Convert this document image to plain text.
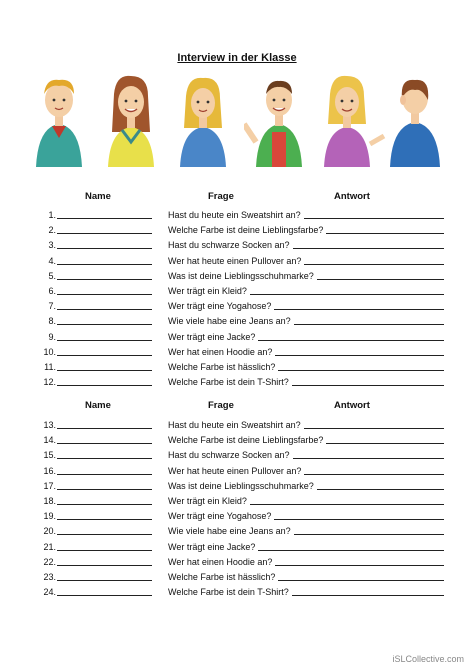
Interview in der Klasse
Name	Frage	Antwort
1.	Hast du heute ein Sweatshirt an?
2.	Welche Farbe ist deine Lieblingsfarbe?
3.	Hast du schwarze Socken an?
4.	Wer hat heute einen Pullover an?
5.	Was ist deine Lieblingsschuhmarke?
6.	Wer trägt ein Kleid?
7.	Wer trägt eine Yogahose?
8.	Wie viele habe eine Jeans an?
9.	Wer trägt eine Jacke?
10.	Wer hat einen Hoodie an?
11.	Welche Farbe ist hässlich?
12.	Welche Farbe ist dein T-Shirt?
Name	Frage	Antwort
13.	Hast du heute ein Sweatshirt an?
14.	Welche Farbe ist deine Lieblingsfarbe?
15.	Hast du schwarze Socken an?
16.	Wer hat heute einen Pullover an?
17.	Was ist deine Lieblingsschuhmarke?
18.	Wer trägt ein Kleid?
19.	Wer trägt eine Yogahose?
20.	Wie viele habe eine Jeans an?
21.	Wer trägt eine Jacke?
22.	Wer hat einen Hoodie an?
23.	Welche Farbe ist hässlich?
24.	Welche Farbe ist dein T-Shirt?
iSLCollective.com
